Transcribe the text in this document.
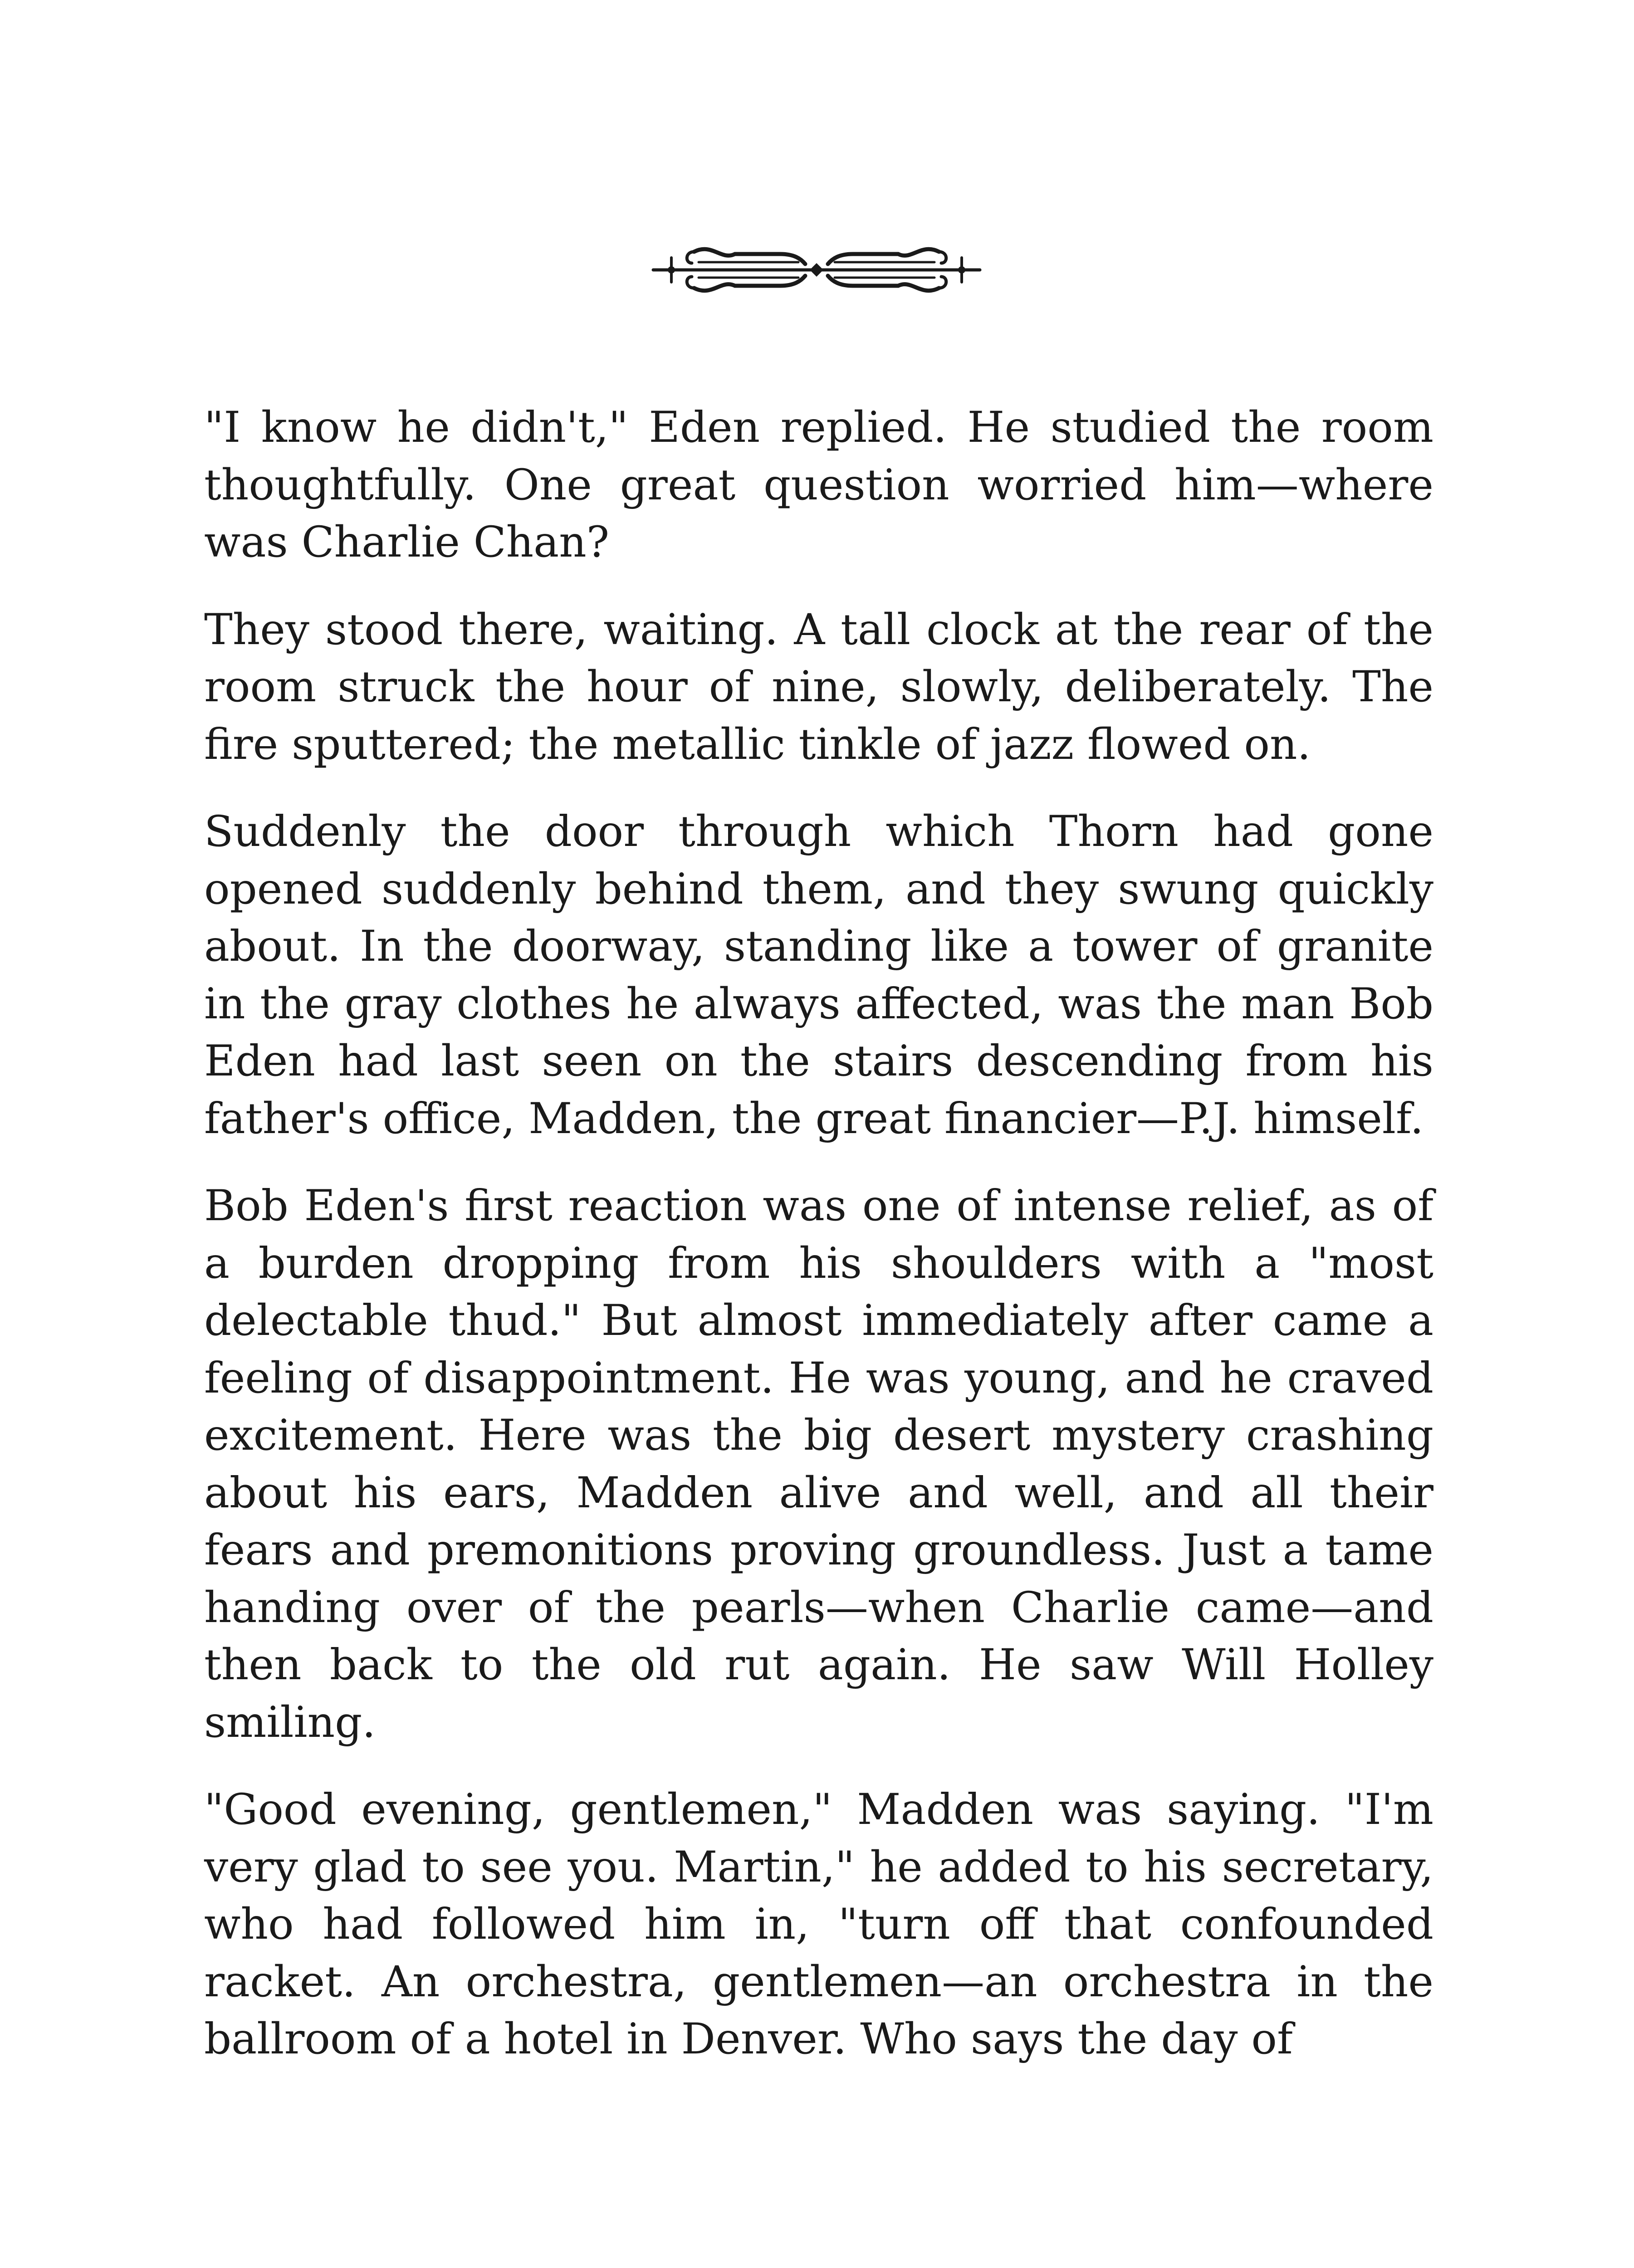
"I know he didn't," Eden replied. He studied the room thoughtfully. One great question worried him—where was Charlie Chan?

They stood there, waiting. A tall clock at the rear of the room struck the hour of nine, slowly, deliberately. The fire sputtered; the metallic tinkle of jazz flowed on.

Suddenly the door through which Thorn had gone opened suddenly behind them, and they swung quickly about. In the doorway, standing like a tower of granite in the gray clothes he always affected, was the man Bob Eden had last seen on the stairs descending from his father's office, Madden, the great financier—P.J. himself.

Bob Eden's first reaction was one of intense relief, as of a burden dropping from his shoulders with a "most delectable thud." But almost immediately after came a feeling of disappointment. He was young, and he craved excitement. Here was the big desert mystery crashing about his ears, Madden alive and well, and all their fears and premonitions proving groundless. Just a tame handing over of the pearls—when Charlie came—and then back to the old rut again. He saw Will Holley smiling.

"Good evening, gentlemen," Madden was saying. "I'm very glad to see you. Martin," he added to his secretary, who had followed him in, "turn off that confounded racket. An orchestra, gentlemen—an orchestra in the ballroom of a hotel in Denver. Who says the day of
